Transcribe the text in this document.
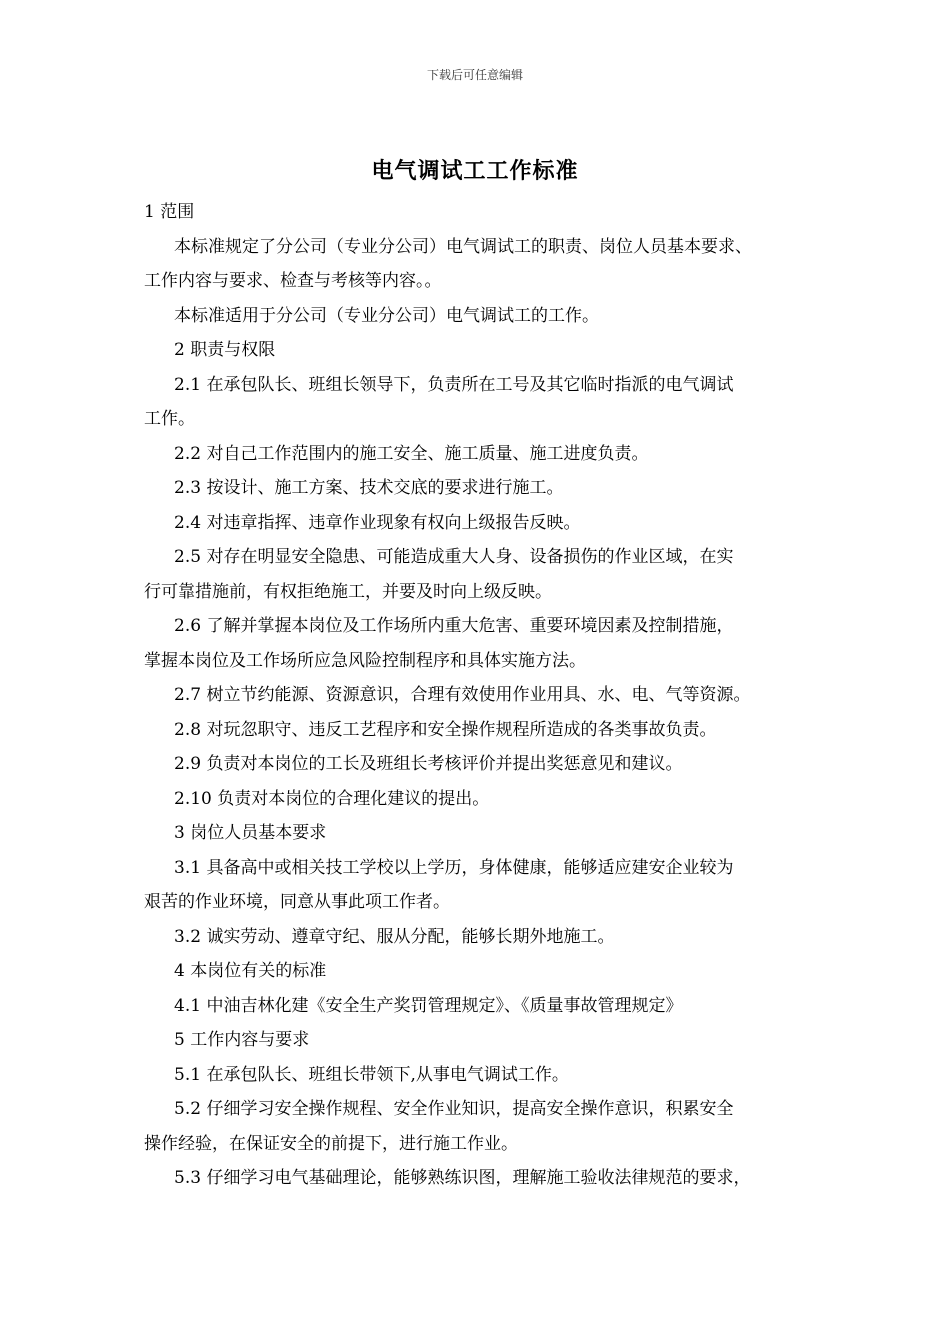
下载后可任意编辑
电气调试工工作标准
1 范围
本标准规定了分公司（专业分公司）电气调试工的职责、岗位人员基本要求、
工作内容与要求、检查与考核等内容。。
本标准适用于分公司（专业分公司）电气调试工的工作。
2 职责与权限
2.1 在承包队长、班组长领导下，负责所在工号及其它临时指派的电气调试
工作。
2.2 对自己工作范围内的施工安全、施工质量、施工进度负责。
2.3 按设计、施工方案、技术交底的要求进行施工。
2.4 对违章指挥、违章作业现象有权向上级报告反映。
2.5 对存在明显安全隐患、可能造成重大人身、设备损伤的作业区域，在实
行可靠措施前，有权拒绝施工，并要及时向上级反映。
2.6 了解并掌握本岗位及工作场所内重大危害、重要环境因素及控制措施，
掌握本岗位及工作场所应急风险控制程序和具体实施方法。
2.7 树立节约能源、资源意识，合理有效使用作业用具、水、电、气等资源。
2.8 对玩忽职守、违反工艺程序和安全操作规程所造成的各类事故负责。
2.9 负责对本岗位的工长及班组长考核评价并提出奖惩意见和建议。
2.10 负责对本岗位的合理化建议的提出。
3 岗位人员基本要求
3.1 具备高中或相关技工学校以上学历，身体健康，能够适应建安企业较为
艰苦的作业环境，同意从事此项工作者。
3.2 诚实劳动、遵章守纪、服从分配，能够长期外地施工。
4 本岗位有关的标准
4.1 中油吉林化建《安全生产奖罚管理规定》、《质量事故管理规定》
5 工作内容与要求
5.1 在承包队长、班组长带领下,从事电气调试工作。
5.2 仔细学习安全操作规程、安全作业知识，提高安全操作意识，积累安全
操作经验，在保证安全的前提下，进行施工作业。
5.3 仔细学习电气基础理论，能够熟练识图，理解施工验收法律规范的要求，
